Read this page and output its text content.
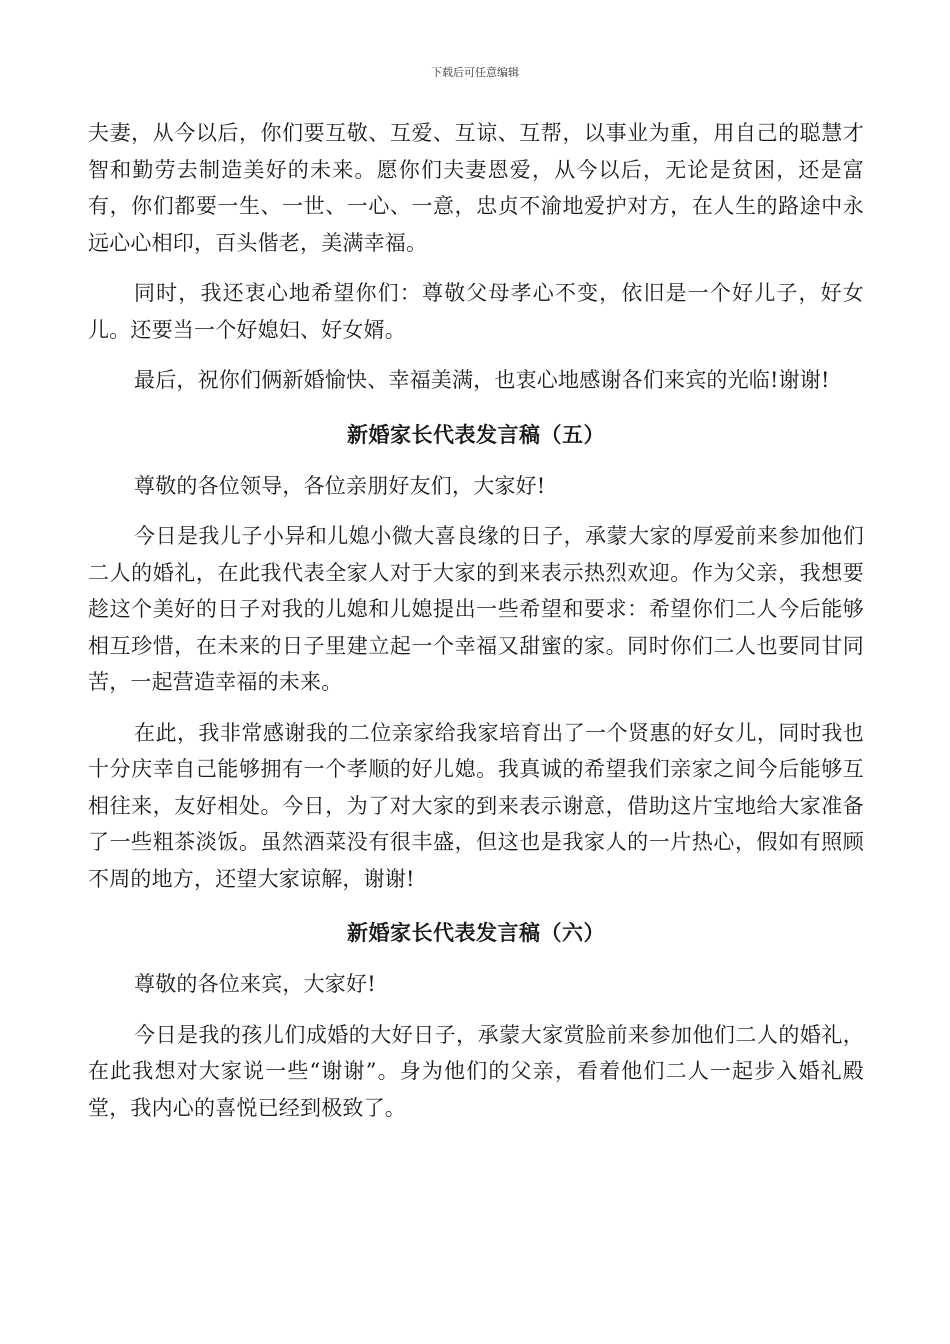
下载后可任意编辑

夫妻，从今以后，你们要互敬、互爱、互谅、互帮，以事业为重，用自己的聪慧才智和勤劳去制造美好的未来。愿你们夫妻恩爱，从今以后，无论是贫困，还是富有，你们都要一生、一世、一心、一意，忠贞不渝地爱护对方，在人生的路途中永远心心相印，百头偕老，美满幸福。

同时，我还衷心地希望你们：尊敬父母孝心不变，依旧是一个好儿子，好女儿。还要当一个好媳妇、好女婿。

最后，祝你们俩新婚愉快、幸福美满，也衷心地感谢各们来宾的光临!谢谢!

新婚家长代表发言稿（五）

尊敬的各位领导，各位亲朋好友们，大家好!

今日是我儿子小异和儿媳小微大喜良缘的日子，承蒙大家的厚爱前来参加他们二人的婚礼，在此我代表全家人对于大家的到来表示热烈欢迎。作为父亲，我想要趁这个美好的日子对我的儿媳和儿媳提出一些希望和要求：希望你们二人今后能够相互珍惜，在未来的日子里建立起一个幸福又甜蜜的家。同时你们二人也要同甘同苦，一起营造幸福的未来。

在此，我非常感谢我的二位亲家给我家培育出了一个贤惠的好女儿，同时我也十分庆幸自己能够拥有一个孝顺的好儿媳。我真诚的希望我们亲家之间今后能够互相往来，友好相处。今日，为了对大家的到来表示谢意，借助这片宝地给大家准备了一些粗茶淡饭。虽然酒菜没有很丰盛，但这也是我家人的一片热心，假如有照顾不周的地方，还望大家谅解，谢谢!

新婚家长代表发言稿（六）

尊敬的各位来宾，大家好!

今日是我的孩儿们成婚的大好日子，承蒙大家赏脸前来参加他们二人的婚礼，在此我想对大家说一些“谢谢”。身为他们的父亲，看着他们二人一起步入婚礼殿堂，我内心的喜悦已经到极致了。
